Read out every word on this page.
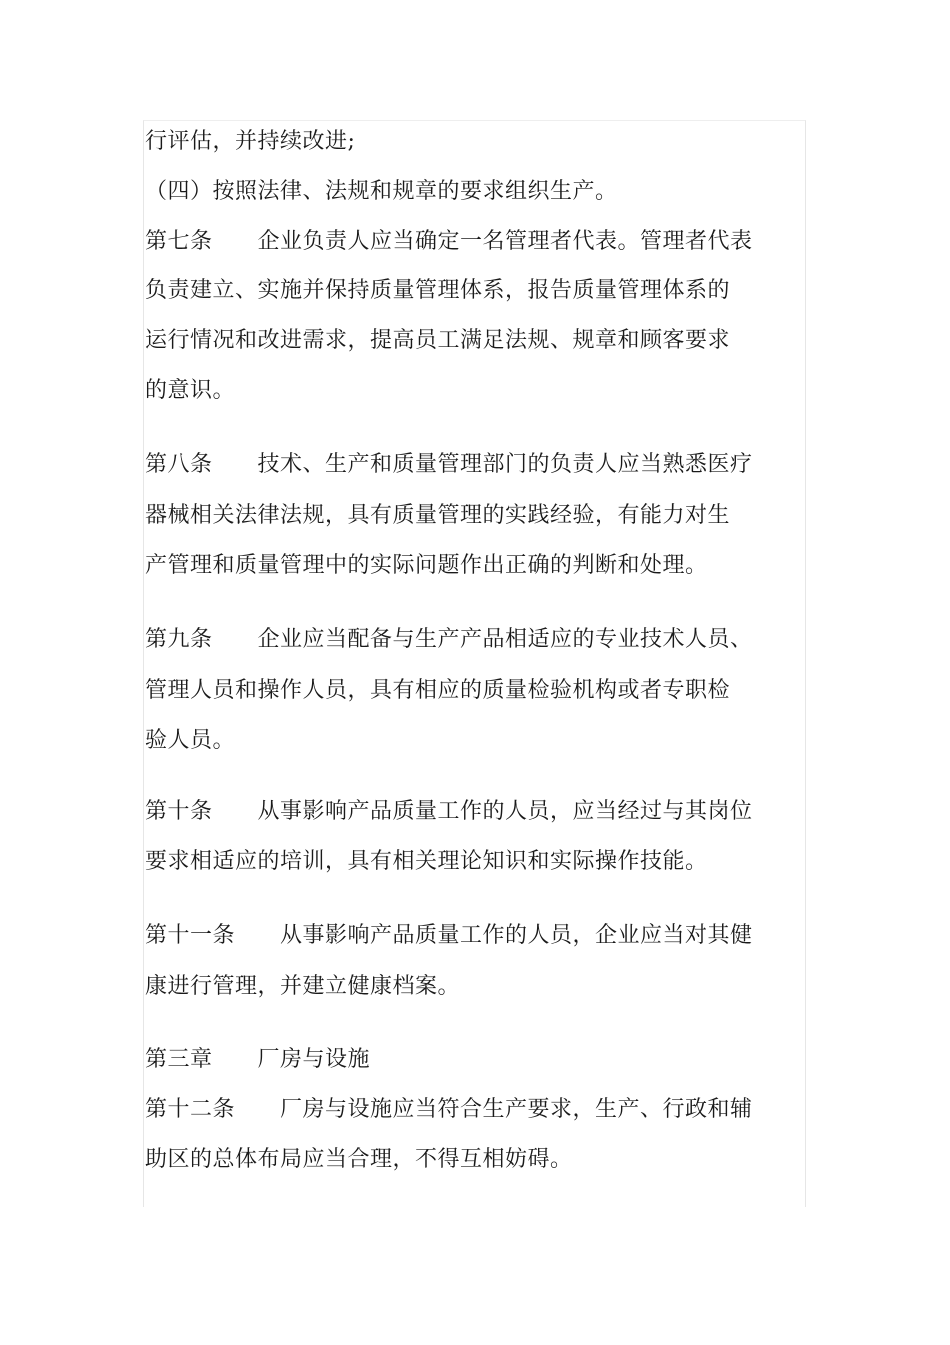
行评估，并持续改进;
（四）按照法律、法规和规章的要求组织生产。
第七条　　企业负责人应当确定一名管理者代表。管理者代表
负责建立、实施并保持质量管理体系，报告质量管理体系的
运行情况和改进需求，提高员工满足法规、规章和顾客要求
的意识。
第八条　　技术、生产和质量管理部门的负责人应当熟悉医疗
器械相关法律法规，具有质量管理的实践经验，有能力对生
产管理和质量管理中的实际问题作出正确的判断和处理。
第九条　　企业应当配备与生产产品相适应的专业技术人员、
管理人员和操作人员，具有相应的质量检验机构或者专职检
验人员。
第十条　　从事影响产品质量工作的人员，应当经过与其岗位
要求相适应的培训，具有相关理论知识和实际操作技能。
第十一条　　从事影响产品质量工作的人员，企业应当对其健
康进行管理，并建立健康档案。
第三章　　厂房与设施
第十二条　　厂房与设施应当符合生产要求，生产、行政和辅
助区的总体布局应当合理，不得互相妨碍。
